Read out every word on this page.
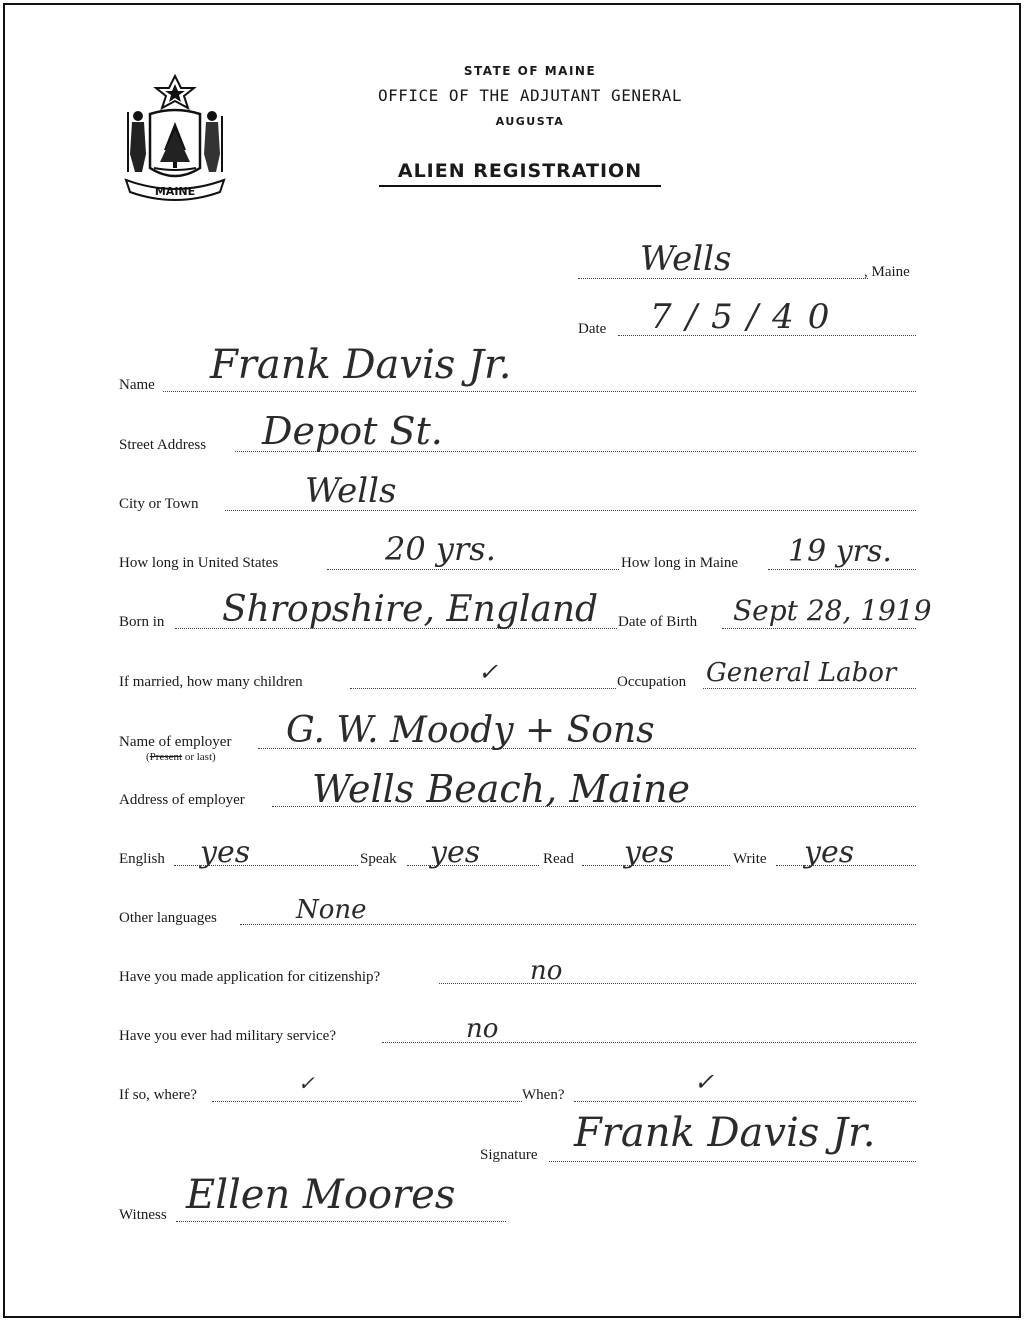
MAINE
STATE OF MAINE
OFFICE OF THE ADJUTANT GENERAL
AUGUSTA
ALIEN REGISTRATION
Wells	, Maine
Date 7/5/40
Name Frank Davis Jr.
Street Address Depot St.
City or Town	Wells
How long in United States	20 yrs.	How long in Maine 19 yrs.
Born in Shropshire, England Date of Birth Sept 28, 1919
If married, how many children	✓	Occupation General Labor
Name of employer
(Present or last)
G. W. Moody + Sons
Address of employer Wells Beach, Maine
English yes	Speak yes	Read yes	Write yes
Other languages	None
Have you made application for citizenship?	no
Have you ever had military service?	no
If so, where?	✓	When?	✓
Signature Frank Davis Jr.
Witness Ellen Moores
